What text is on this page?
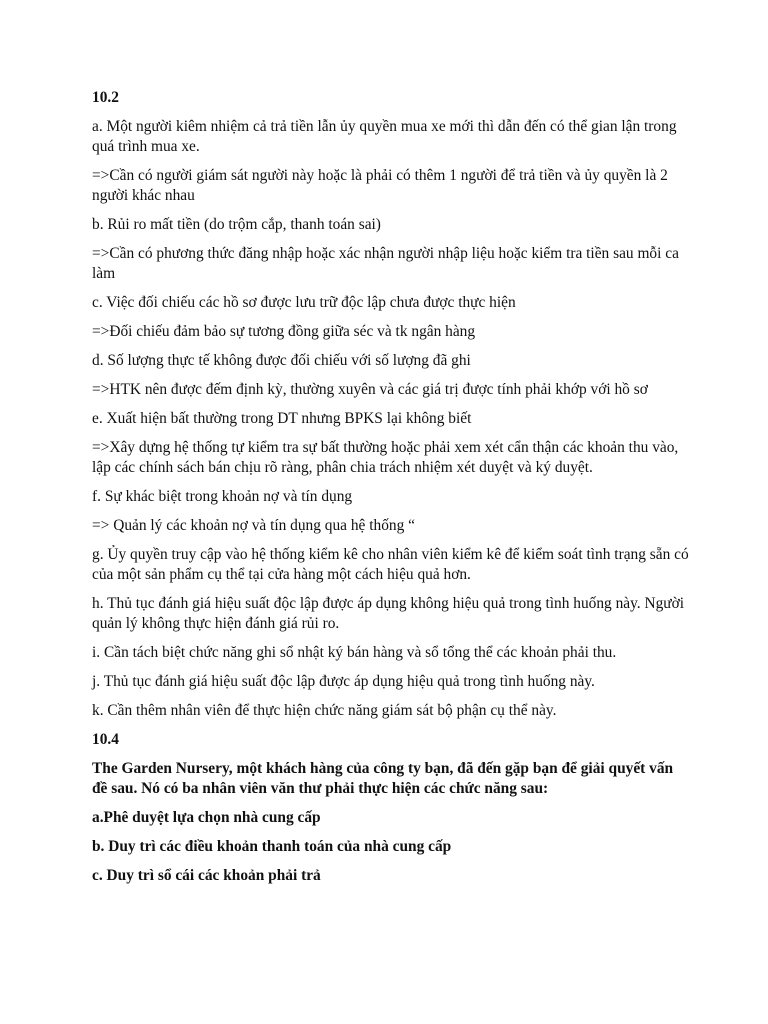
10.2
a. Một người kiêm nhiệm cả trả tiền lẫn ủy quyền mua xe mới thì dẫn đến có thể gian lận trong quá trình mua xe.
=>Cần có người giám sát người này hoặc là phải có thêm 1 người để trả tiền và ủy quyền là 2 người khác nhau
b. Rủi ro mất tiền (do trộm cắp, thanh toán sai)
=>Cần có phương thức đăng nhập hoặc xác nhận người nhập liệu hoặc kiểm tra tiền sau mỗi ca làm
c. Việc đối chiếu các hồ sơ được lưu trữ độc lập chưa được thực hiện
=>Đối chiếu đảm bảo sự tương đồng giữa séc và tk ngân hàng
d. Số lượng thực tế không được đối chiếu với số lượng đã ghi
=>HTK nên được đếm định kỳ, thường xuyên và các giá trị được tính phải khớp với hồ sơ
e. Xuất hiện bất thường trong DT nhưng BPKS lại không biết
=>Xây dựng hệ thống tự kiểm tra sự bất thường hoặc phải xem xét cẩn thận các khoản thu vào, lập các chính sách bán chịu rõ ràng, phân chia trách nhiệm xét duyệt và ký duyệt.
f. Sự khác biệt trong khoản nợ và tín dụng
=> Quản lý các khoản nợ và tín dụng qua hệ thống “
g. Ủy quyền truy cập vào hệ thống kiểm kê cho nhân viên kiểm kê để kiểm soát tình trạng sẵn có của một sản phẩm cụ thể tại cửa hàng một cách hiệu quả hơn.
h. Thủ tục đánh giá hiệu suất độc lập được áp dụng không hiệu quả trong tình huống này. Người quản lý không thực hiện đánh giá rủi ro.
i. Cần tách biệt chức năng ghi sổ nhật ký bán hàng và sổ tổng thể các khoản phải thu.
j. Thủ tục đánh giá hiệu suất độc lập được áp dụng hiệu quả trong tình huống này.
k. Cần thêm nhân viên để thực hiện chức năng giám sát bộ phận cụ thể này.
10.4
The Garden Nursery, một khách hàng của công ty bạn, đã đến gặp bạn để giải quyết vấn đề sau. Nó có ba nhân viên văn thư phải thực hiện các chức năng sau:
a.Phê duyệt lựa chọn nhà cung cấp
b. Duy trì các điều khoản thanh toán của nhà cung cấp
c. Duy trì sổ cái các khoản phải trả
